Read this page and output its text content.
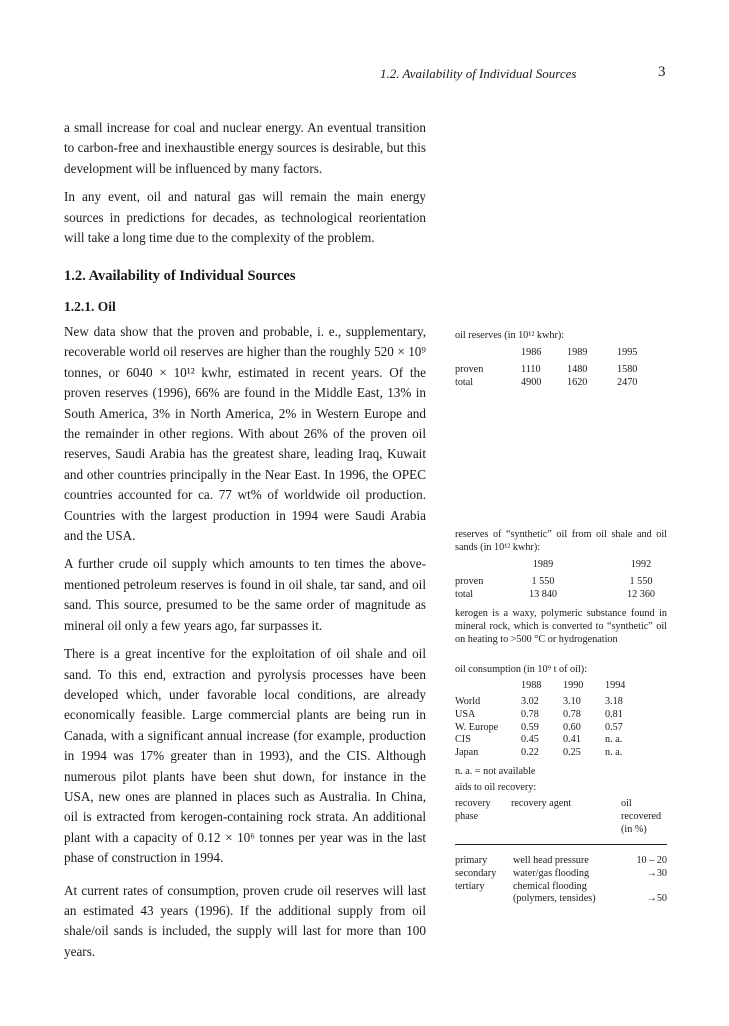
1.2. Availability of Individual Sources	3

a small increase for coal and nuclear energy. An eventual transition to carbon-free and inexhaustible energy sources is desirable, but this development will be influenced by many factors.

In any event, oil and natural gas will remain the main energy sources in predictions for decades, as technological reorientation will take a long time due to the complexity of the problem.

1.2. Availability of Individual Sources
1.2.1. Oil

New data show that the proven and probable, i. e., supplementary, recoverable world oil reserves are higher than the roughly 520 × 10⁹ tonnes, or 6040 × 10¹² kwhr, estimated in recent years. Of the proven reserves (1996), 66% are found in the Middle East, 13% in South America, 3% in North America, 2% in Western Europe and the remainder in other regions. With about 26% of the proven oil reserves, Saudi Arabia has the greatest share, leading Iraq, Kuwait and other countries principally in the Near East. In 1996, the OPEC countries accounted for ca. 77 wt% of worldwide oil production. Countries with the largest production in 1994 were Saudi Arabia and the USA.

A further crude oil supply which amounts to ten times the above-mentioned petroleum reserves is found in oil shale, tar sand, and oil sand. This source, presumed to be the same order of magnitude as mineral oil only a few years ago, far surpasses it.

There is a great incentive for the exploitation of oil shale and oil sand. To this end, extraction and pyrolysis processes have been developed which, under favorable local conditions, are already economically feasible. Large commercial plants are being run in Canada, with a significant annual increase (for example, production in 1994 was 17% greater than in 1993), and the CIS. Although numerous pilot plants have been shut down, for instance in the USA, new ones are planned in places such as Australia. In China, oil is extracted from kerogen-containing rock strata. An additional plant with a capacity of 0.12 × 10⁶ tonnes per year was in the last phase of construction in 1994.

At current rates of consumption, proven crude oil reserves will last an estimated 43 years (1996). If the additional supply from oil shale/oil sands is included, the supply will last for more than 100 years.

oil reserves (in 10¹² kwhr):

	1986	1989	1995
proven	1110	1480	1580
total	4900	1620	2470

reserves of “synthetic” oil from oil shale and oil sands (in 10¹² kwhr):

	1989		1992
proven	1 550		1 550
total	13 840		12 360

kerogen is a waxy, polymeric substance found in mineral rock, which is converted to “synthetic” oil on heating to >500 °C or hydrogenation

oil consumption (in 10⁹ t of oil):

	1988	1990	1994
World	3.02	3.10	3.18
USA	0.78	0.78	0.81
W. Europe	0.59	0.60	0.57
CIS	0.45	0.41	n. a.
Japan	0.22	0.25	n. a.

n. a. = not available

aids to oil recovery:

recovery phase	recovery agent	oil recovered (in %)
primary	well head pressure	10 – 20
secondary	water/gas flooding	→30
tertiary	chemical flooding (polymers, tensides)	→50
